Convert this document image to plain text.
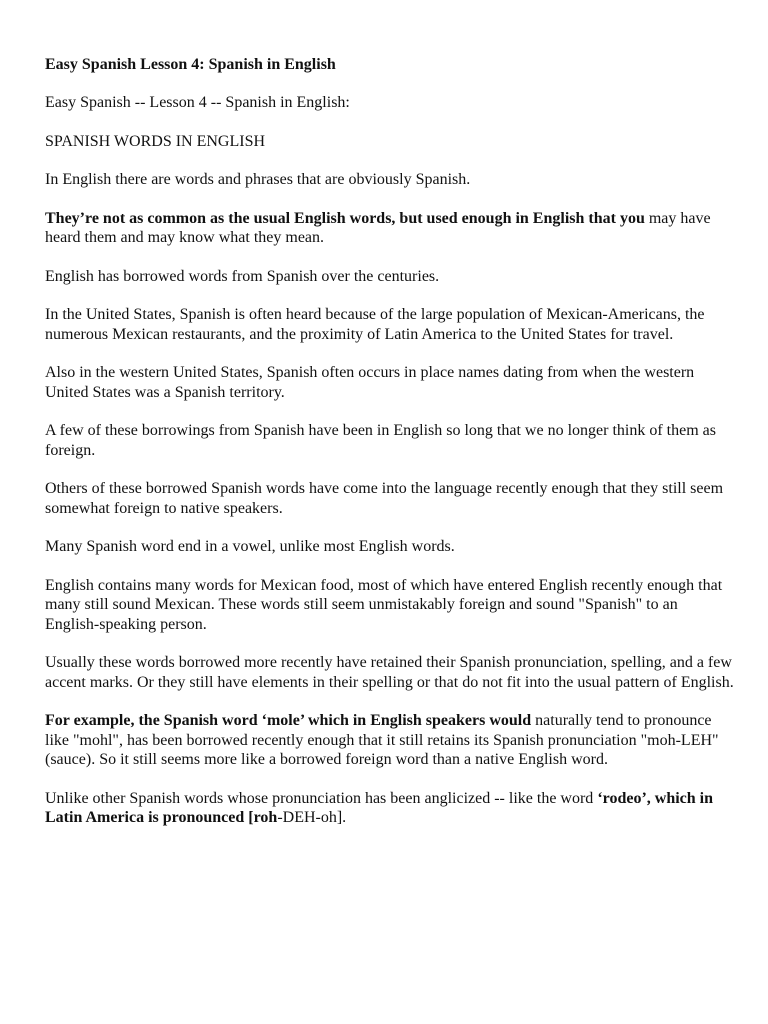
Easy Spanish Lesson 4: Spanish in English

Easy Spanish -- Lesson 4 -- Spanish in English:

SPANISH WORDS IN ENGLISH

In English there are words and phrases that are obviously Spanish.

They’re not as common as the usual English words, but used enough in English that you may have heard them and may know what they mean.

English has borrowed words from Spanish over the centuries.

In the United States, Spanish is often heard because of the large population of Mexican-Americans, the numerous Mexican restaurants, and the proximity of Latin America to the United States for travel.

Also in the western United States, Spanish often occurs in place names dating from when the western United States was a Spanish territory.

A few of these borrowings from Spanish have been in English so long that we no longer think of them as foreign.

Others of these borrowed Spanish words have come into the language recently enough that they still seem somewhat foreign to native speakers.

Many Spanish word end in a vowel, unlike most English words.

English contains many words for Mexican food, most of which have entered English recently enough that many still sound Mexican. These words still seem unmistakably foreign and sound "Spanish" to an English-speaking person.

Usually these words borrowed more recently have retained their Spanish pronunciation, spelling, and a few accent marks. Or they still have elements in their spelling or that do not fit into the usual pattern of English.

For example, the Spanish word ‘mole’ which in English speakers would naturally tend to pronounce like "mohl", has been borrowed recently enough that it still retains its Spanish pronunciation "moh-LEH" (sauce). So it still seems more like a borrowed foreign word than a native English word.

Unlike other Spanish words whose pronunciation has been anglicized -- like the word ‘rodeo’, which in Latin America is pronounced [roh-DEH-oh].
